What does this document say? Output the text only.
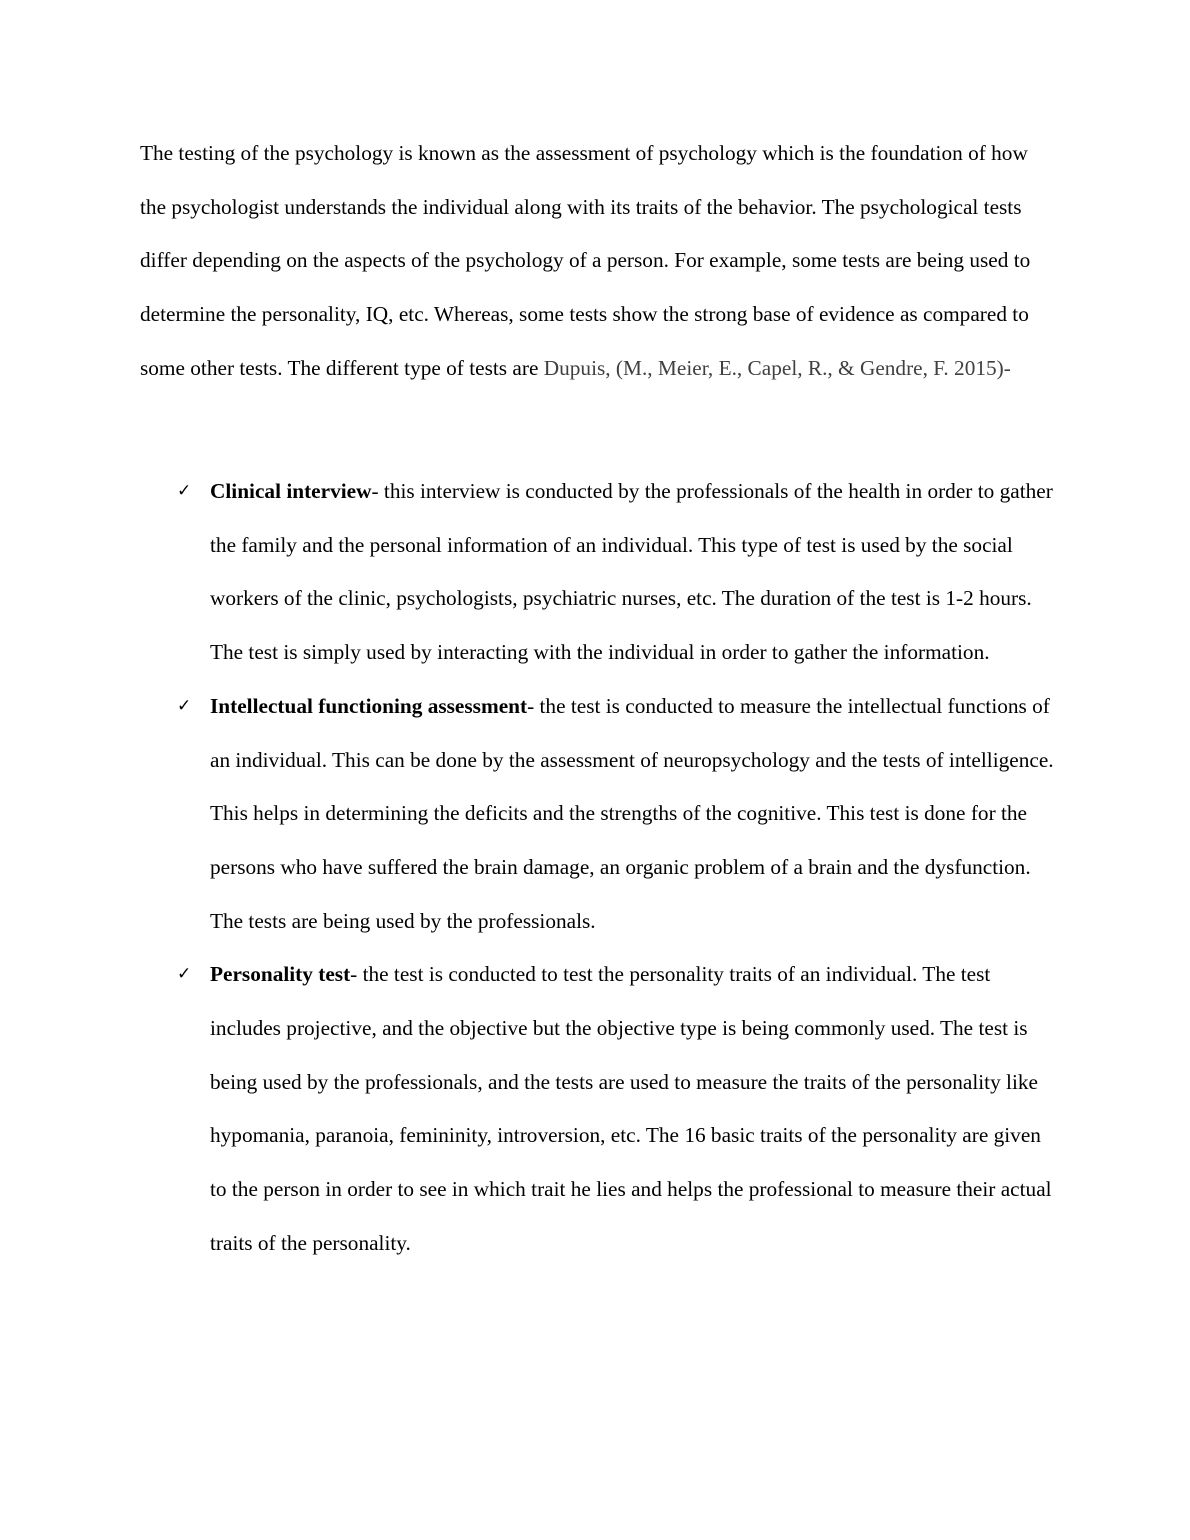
The testing of the psychology is known as the assessment of psychology which is the foundation of how the psychologist understands the individual along with its traits of the behavior. The psychological tests differ depending on the aspects of the psychology of a person. For example, some tests are being used to determine the personality, IQ, etc. Whereas, some tests show the strong base of evidence as compared to some other tests. The different type of tests are Dupuis, (M., Meier, E., Capel, R., & Gendre, F. 2015)-

✓ Clinical interview- this interview is conducted by the professionals of the health in order to gather the family and the personal information of an individual. This type of test is used by the social workers of the clinic, psychologists, psychiatric nurses, etc. The duration of the test is 1-2 hours. The test is simply used by interacting with the individual in order to gather the information.
✓ Intellectual functioning assessment- the test is conducted to measure the intellectual functions of an individual. This can be done by the assessment of neuropsychology and the tests of intelligence. This helps in determining the deficits and the strengths of the cognitive. This test is done for the persons who have suffered the brain damage, an organic problem of a brain and the dysfunction. The tests are being used by the professionals.
✓ Personality test- the test is conducted to test the personality traits of an individual. The test includes projective, and the objective but the objective type is being commonly used. The test is being used by the professionals, and the tests are used to measure the traits of the personality like hypomania, paranoia, femininity, introversion, etc. The 16 basic traits of the personality are given to the person in order to see in which trait he lies and helps the professional to measure their actual traits of the personality.
